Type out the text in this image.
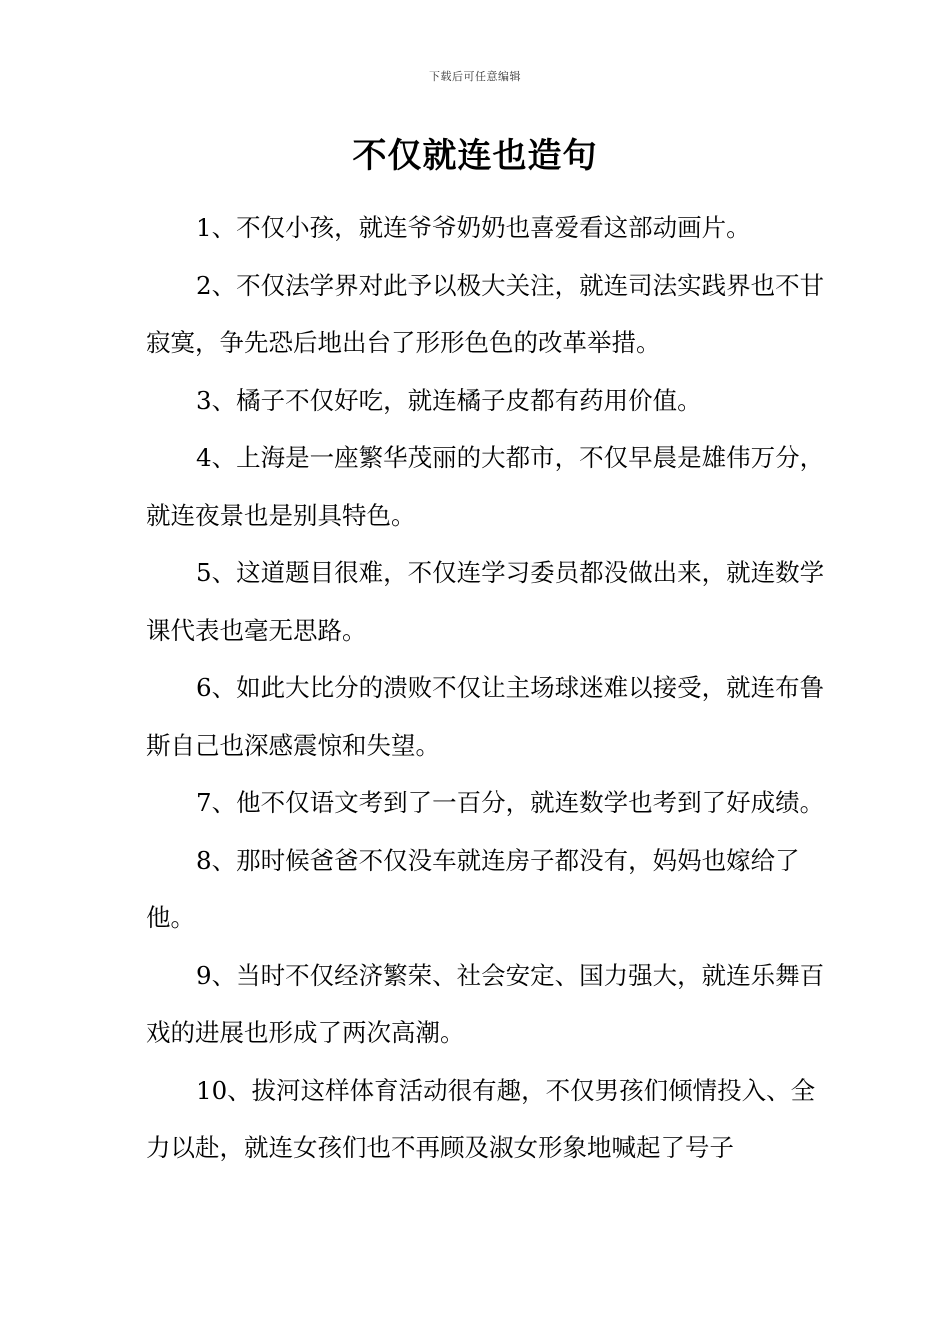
下载后可任意编辑
不仅就连也造句

1、不仅小孩，就连爷爷奶奶也喜爱看这部动画片。

2、不仅法学界对此予以极大关注，就连司法实践界也不甘寂寞，争先恐后地出台了形形色色的改革举措。

3、橘子不仅好吃，就连橘子皮都有药用价值。

4、上海是一座繁华茂丽的大都市，不仅早晨是雄伟万分，就连夜景也是别具特色。

5、这道题目很难，不仅连学习委员都没做出来，就连数学课代表也毫无思路。

6、如此大比分的溃败不仅让主场球迷难以接受，就连布鲁斯自己也深感震惊和失望。

7、他不仅语文考到了一百分，就连数学也考到了好成绩。

8、那时候爸爸不仅没车就连房子都没有，妈妈也嫁给了他。

9、当时不仅经济繁荣、社会安定、国力强大，就连乐舞百戏的进展也形成了两次高潮。

10、拔河这样体育活动很有趣，不仅男孩们倾情投入、全力以赴，就连女孩们也不再顾及淑女形象地喊起了号子
